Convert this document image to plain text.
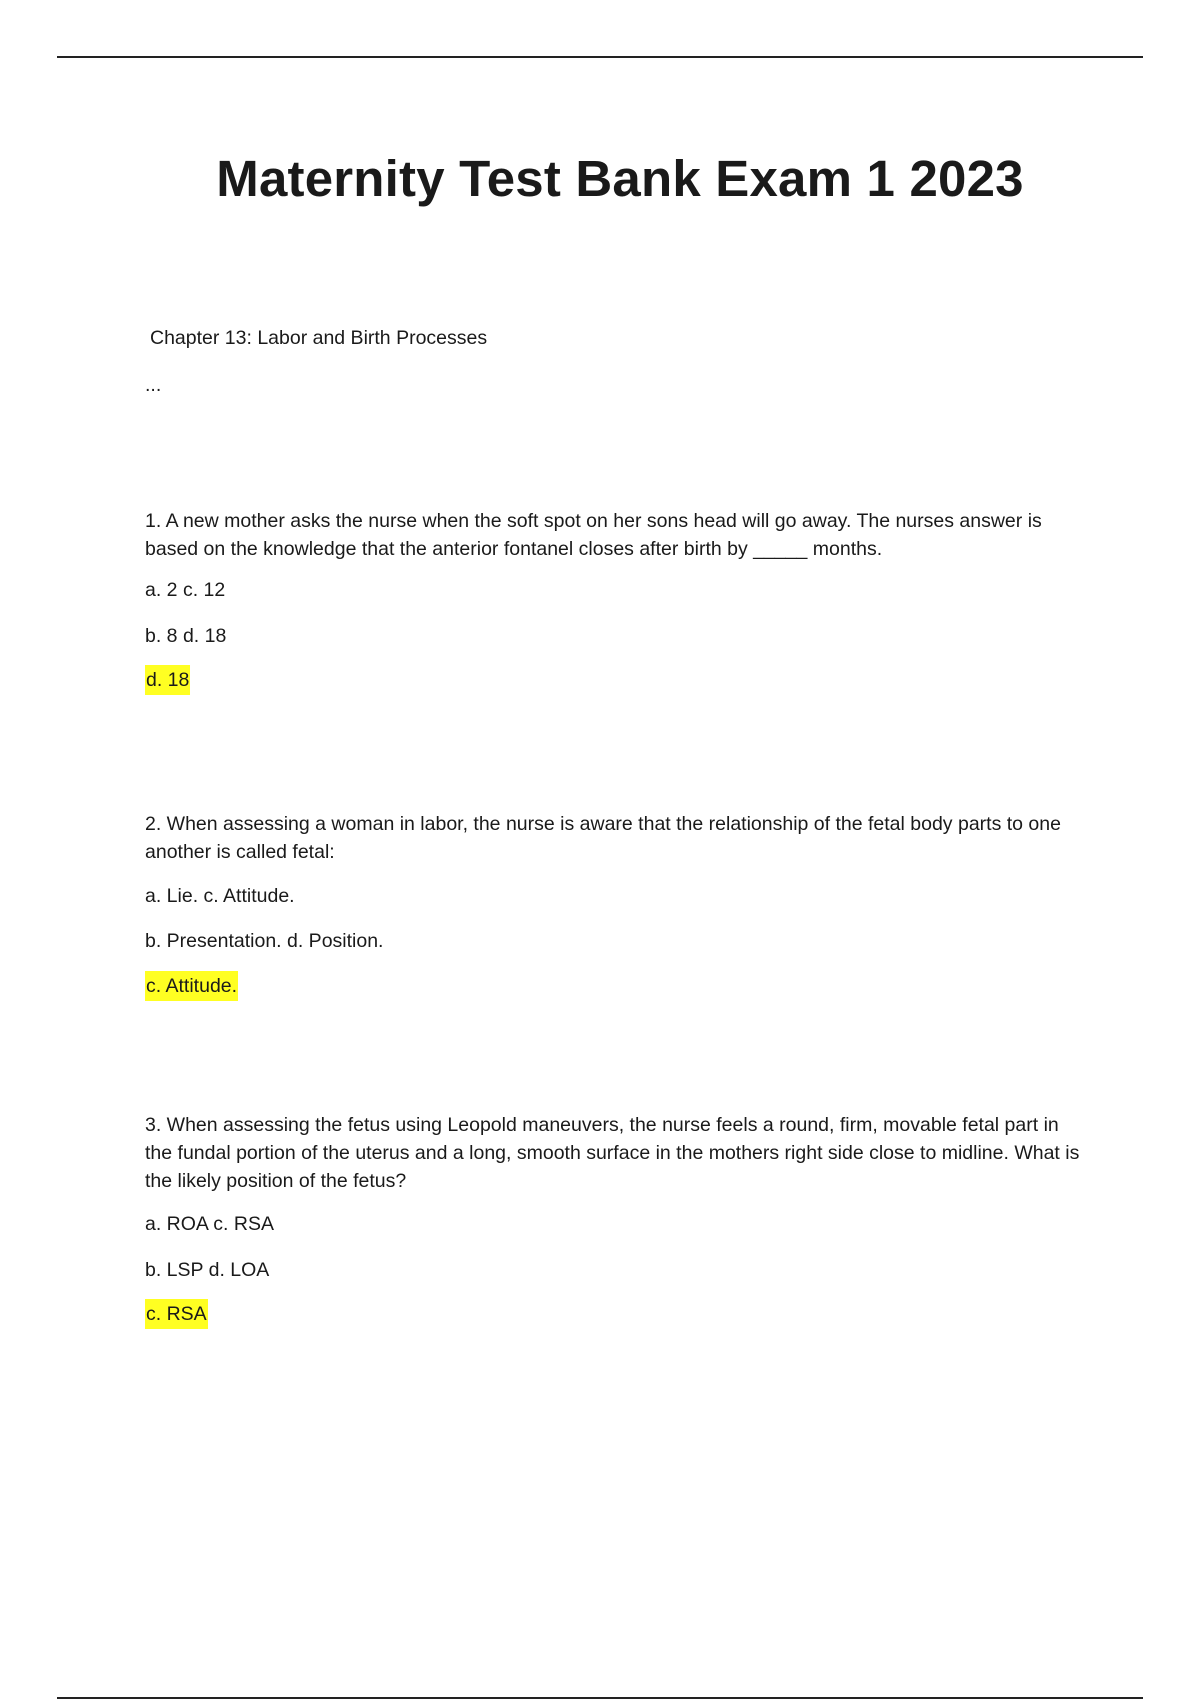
Maternity Test Bank Exam 1 2023
Chapter 13: Labor and Birth Processes
...

1. A new mother asks the nurse when the soft spot on her sons head will go away. The nurses answer is based on the knowledge that the anterior fontanel closes after birth by _____ months.

a. 2 c. 12

b. 8 d. 18

d. 18

2. When assessing a woman in labor, the nurse is aware that the relationship of the fetal body parts to one another is called fetal:

a. Lie. c. Attitude.

b. Presentation. d. Position.

c. Attitude.

3. When assessing the fetus using Leopold maneuvers, the nurse feels a round, firm, movable fetal part in the fundal portion of the uterus and a long, smooth surface in the mothers right side close to midline. What is the likely position of the fetus?

a. ROA c. RSA

b. LSP d. LOA

c. RSA
